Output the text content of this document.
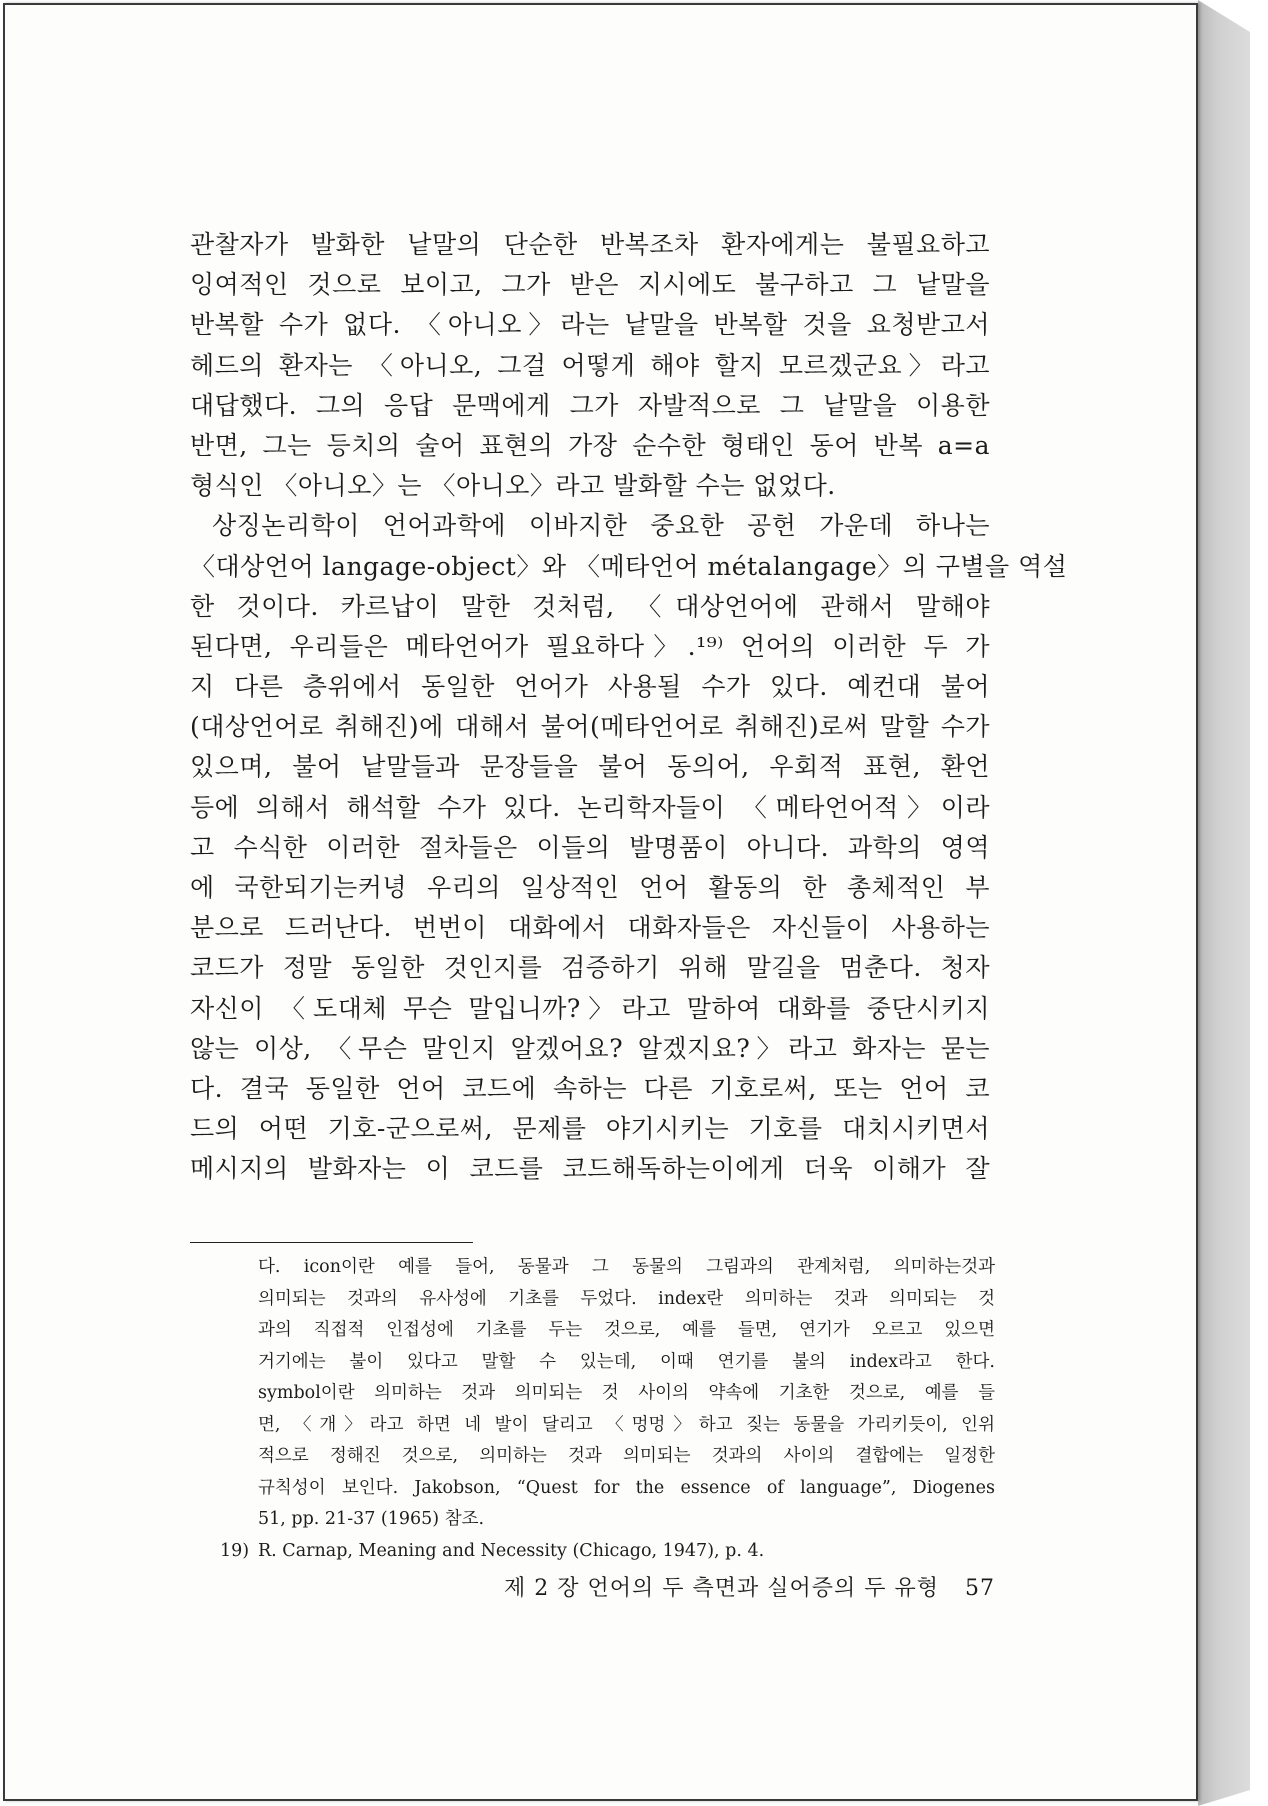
관찰자가 발화한 낱말의 단순한 반복조차 환자에게는 불필요하고
잉여적인 것으로 보이고, 그가 받은 지시에도 불구하고 그 낱말을
반복할 수가 없다. 〈아니오〉라는 낱말을 반복할 것을 요청받고서
헤드의 환자는 〈아니오, 그걸 어떻게 해야 할지 모르겠군요〉라고
대답했다. 그의 응답 문맥에게 그가 자발적으로 그 낱말을 이용한
반면, 그는 등치의 술어 표현의 가장 순수한 형태인 동어 반복 a=a
형식인 〈아니오〉는 〈아니오〉라고 발화할 수는 없었다.
상징논리학이 언어과학에 이바지한 중요한 공헌 가운데 하나는
〈대상언어 langage-object〉와 〈메타언어 métalangage〉의 구별을 역설
한 것이다. 카르납이 말한 것처럼, 〈대상언어에 관해서 말해야
된다면, 우리들은 메타언어가 필요하다〉.¹⁹⁾ 언어의 이러한 두 가
지 다른 층위에서 동일한 언어가 사용될 수가 있다. 예컨대 불어
(대상언어로 취해진)에 대해서 불어(메타언어로 취해진)로써 말할 수가
있으며, 불어 낱말들과 문장들을 불어 동의어, 우회적 표현, 환언
등에 의해서 해석할 수가 있다. 논리학자들이 〈메타언어적〉이라
고 수식한 이러한 절차들은 이들의 발명품이 아니다. 과학의 영역
에 국한되기는커녕 우리의 일상적인 언어 활동의 한 총체적인 부
분으로 드러난다. 번번이 대화에서 대화자들은 자신들이 사용하는
코드가 정말 동일한 것인지를 검증하기 위해 말길을 멈춘다. 청자
자신이 〈도대체 무슨 말입니까?〉라고 말하여 대화를 중단시키지
않는 이상, 〈무슨 말인지 알겠어요? 알겠지요?〉라고 화자는 묻는
다. 결국 동일한 언어 코드에 속하는 다른 기호로써, 또는 언어 코
드의 어떤 기호-군으로써, 문제를 야기시키는 기호를 대치시키면서
메시지의 발화자는 이 코드를 코드해독하는이에게 더욱 이해가 잘
다. icon이란 예를 들어, 동물과 그 동물의 그림과의 관계처럼, 의미하는것과
의미되는 것과의 유사성에 기초를 두었다. index란 의미하는 것과 의미되는 것
과의 직접적 인접성에 기초를 두는 것으로, 예를 들면, 연기가 오르고 있으면
거기에는 불이 있다고 말할 수 있는데, 이때 연기를 불의 index라고 한다.
symbol이란 의미하는 것과 의미되는 것 사이의 약속에 기초한 것으로, 예를 들
면, 〈개〉라고 하면 네 발이 달리고 〈멍멍〉하고 짖는 동물을 가리키듯이, 인위
적으로 정해진 것으로, 의미하는 것과 의미되는 것과의 사이의 결합에는 일정한
규칙성이 보인다. Jakobson, “Quest for the essence of language”, Diogenes
51, pp. 21-37 (1965) 참조.
19) R. Carnap, Meaning and Necessity (Chicago, 1947), p. 4.
제 2 장 언어의 두 측면과 실어증의 두 유형 57
